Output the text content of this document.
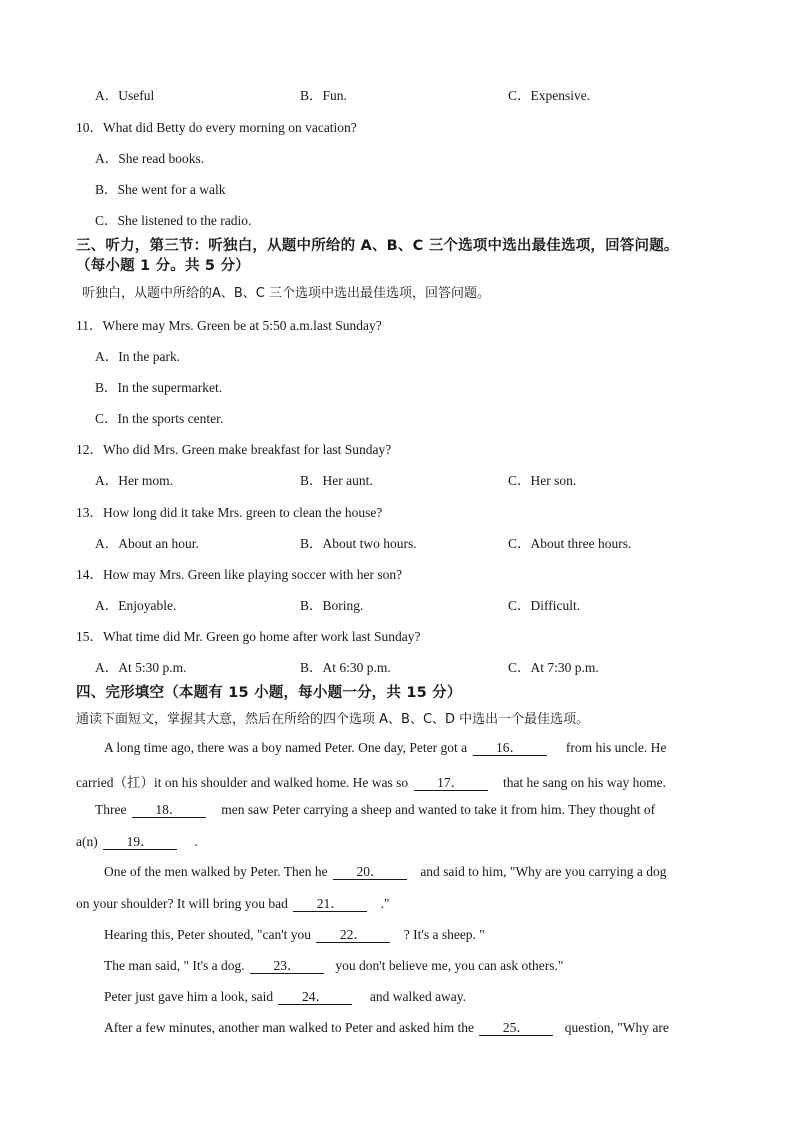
A．Useful	B．Fun.	C．Expensive.
10．What did Betty do every morning on vacation?
A．She read books.
B．She went for a walk
C．She listened to the radio.
三、听力，第三节：听独白，从题中所给的 A、B、C 三个选项中选出最佳选项，回答问题。
（每小题 1 分。共 5 分）
听独白，从题中所给的A、B、C 三个选项中选出最佳选项，回答问题。
11．Where may Mrs. Green be at 5:50 a.m.last Sunday?
A．In the park.
B．In the supermarket.
C．In the sports center.
12．Who did Mrs. Green make breakfast for last Sunday?
A．Her mom.	B．Her aunt.	C．Her son.
13．How long did it take Mrs. green to clean the house?
A．About an hour.	B．About two hours.	C．About three hours.
14．How may Mrs. Green like playing soccer with her son?
A．Enjoyable.	B．Boring.	C．Difficult.
15．What time did Mr. Green go home after work last Sunday?
A．At 5:30 p.m.	B．At 6:30 p.m.	C．At 7:30 p.m.
四、完形填空（本题有 15 小题，每小题一分，共 15 分）
通读下面短文，掌握其大意，然后在所给的四个选项 A、B、C、D 中选出一个最佳选项。
A long time ago, there was a boy named Peter. One day, Peter got a 16．	from his uncle. He
carried（扛）it on his shoulder and walked home. He was so 17．	that he sang on his way home.
Three 18．	men saw Peter carrying a sheep and wanted to take it from him. They thought of
a(n) 19．	.
One of the men walked by Peter. Then he 20．	and said to him, "Why are you carrying a dog
on your shoulder? It will bring you bad 21．	."
Hearing this, Peter shouted, "can't you 22．	? It's a sheep. "
The man said, " It's a dog. 23．	you don't believe me, you can ask others."
Peter just gave him a look, said 24．	and walked away.
After a few minutes, another man walked to Peter and asked him the 25．	question, "Why are
